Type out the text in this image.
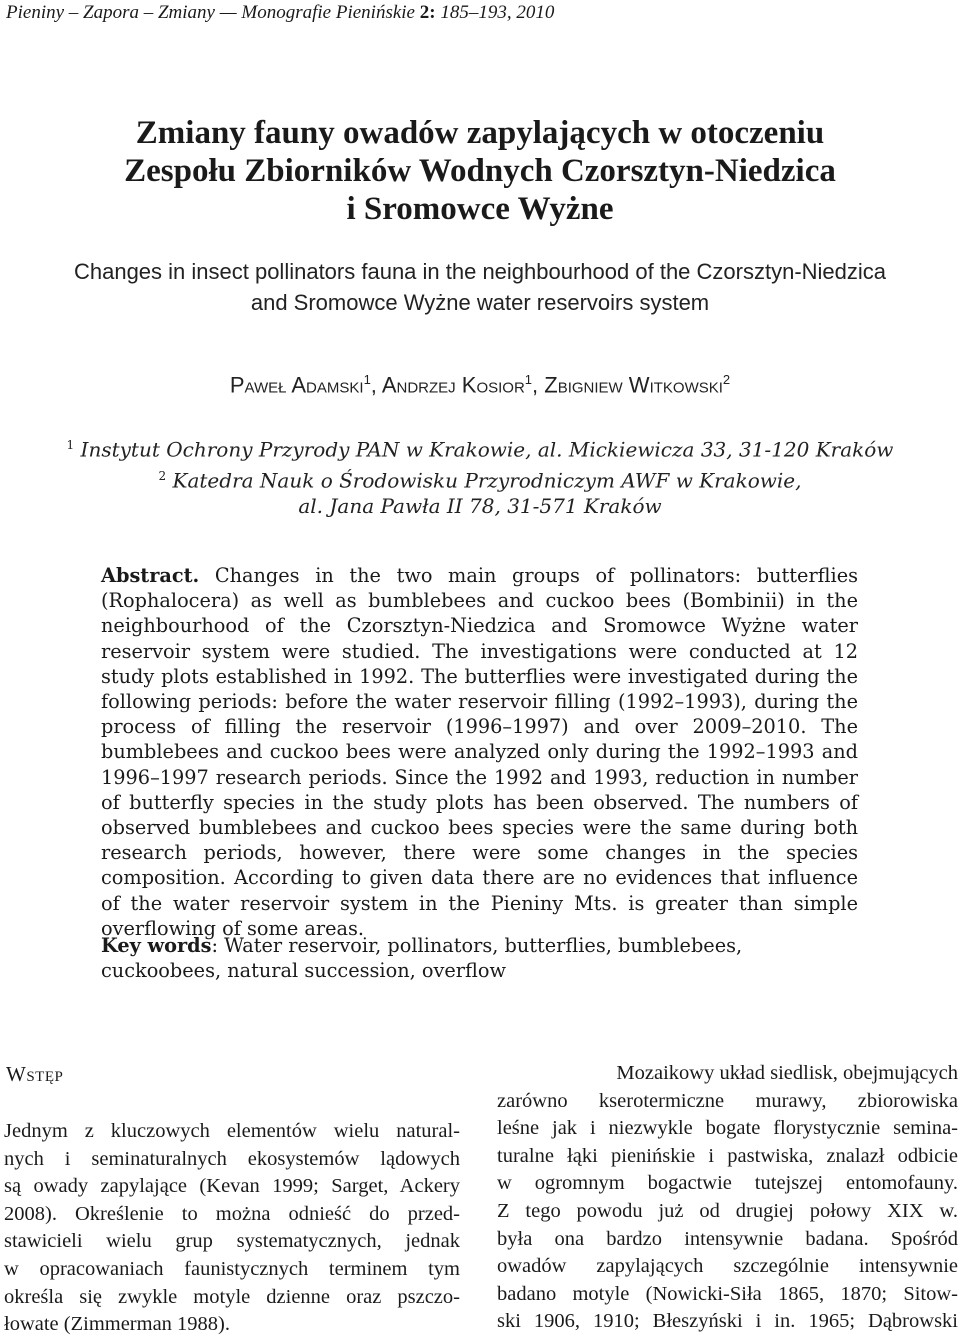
Pieniny – Zapora – Zmiany — Monografie Pienińskie 2: 185–193, 2010
Zmiany fauny owadów zapylających w otoczeniu
Zespołu Zbiorników Wodnych Czorsztyn-Niedzica
i Sromowce Wyżne
Changes in insect pollinators fauna in the neighbourhood of the Czorsztyn-Niedzica
and Sromowce Wyżne water reservoirs system
Paweł Adamski$^1$, Andrzej Kosior$^1$, Zbigniew Witkowski$^2$
$^1$ Instytut Ochrony Przyrody PAN w Krakowie, al. Mickiewicza 33, 31-120 Kraków
$^2$ Katedra Nauk o Środowisku Przyrodniczym AWF w Krakowie,
al. Jana Pawła II 78, 31-571 Kraków
Abstract. Changes in the two main groups of pollinators: butterflies (Rophalocera) as well as bumblebees and cuckoo bees (Bombinii) in the neighbourhood of the Czorsztyn-Niedzica and Sromowce Wyżne water reservoir system were studied. The investigations were conducted at 12 study plots established in 1992. The butterflies were investigated during the following periods: before the water reservoir filling (1992–1993), during the process of filling the reservoir (1996–1997) and over 2009–2010. The bumblebees and cuckoo bees were analyzed only during the 1992–1993 and 1996–1997 research periods. Since the 1992 and 1993, reduction in number of butterfly species in the study plots has been observed. The numbers of observed bumblebees and cuckoo bees species were the same during both research periods, however, there were some changes in the species composition. According to given data there are no evidences that influence of the water reservoir system in the Pieniny Mts. is greater than simple overflowing of some areas.
Key words: Water reservoir, pollinators, butterflies, bumblebees, cuckoobees, natural succession, overflow
Wstęp
Jednym z kluczowych elementów wielu natural-
nych i seminaturalnych ekosystemów lądowych
są owady zapylające (Kevan 1999; Sarget, Ackery
2008). Określenie to można odnieść do przed-
stawicieli wielu grup systematycznych, jednak
w opracowaniach faunistycznych terminem tym
określa się zwykle motyle dzienne oraz pszczo-
łowate (Zimmerman 1988).
Mozaikowy układ siedlisk, obejmujących
zarówno kserotermiczne murawy, zbiorowiska
leśne jak i niezwykle bogate florystycznie semina-
turalne łąki pienińskie i pastwiska, znalazł odbicie
w ogromnym bogactwie tutejszej entomofauny.
Z tego powodu już od drugiej połowy XIX w.
była ona bardzo intensywnie badana. Spośród
owadów zapylających szczególnie intensywnie
badano motyle (Nowicki-Siła 1865, 1870; Sitow-
ski 1906, 1910; Błeszyński i in. 1965; Dąbrowski
